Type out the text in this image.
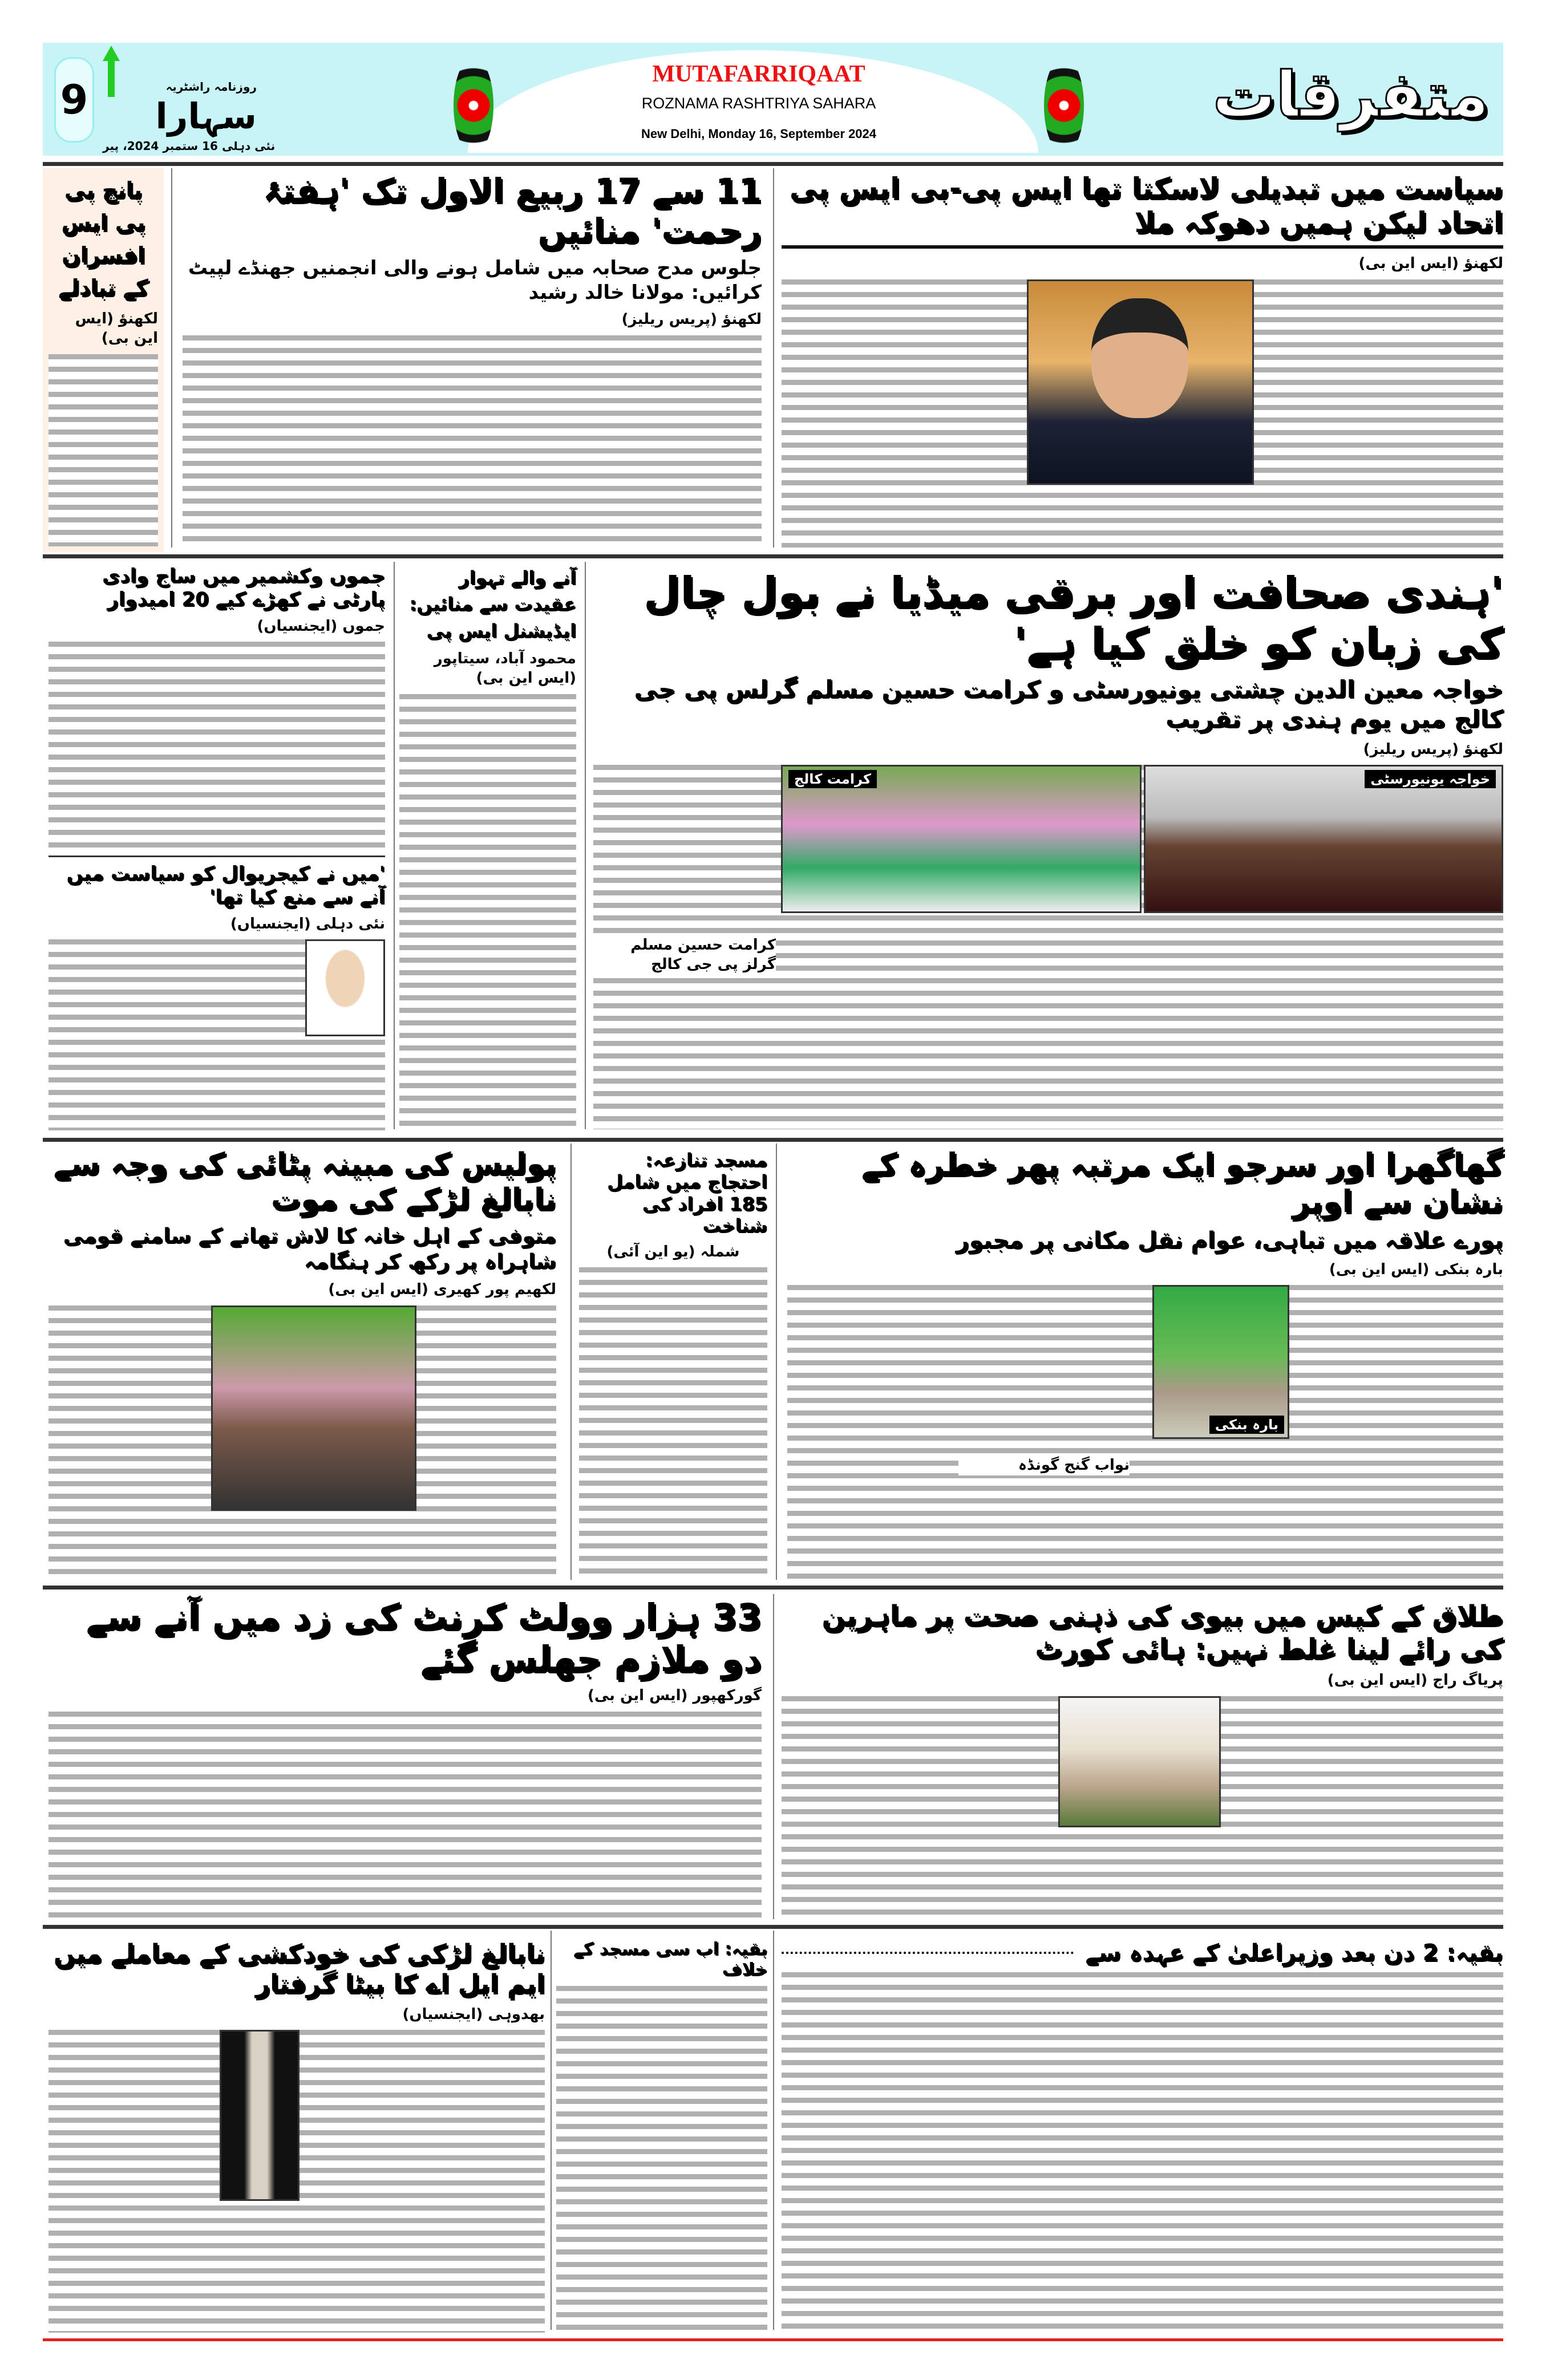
9	روزنامہ راشٹریہ
سہارا
نئی دہلی 16 ستمبر 2024، پیر
MUTAFARRIQAAT
ROZNAMA RASHTRIYA SAHARA
New Delhi, Monday 16, September 2024
متفرقات
پانچ پی پی ایس افسران کے تبادلے
لکھنؤ (ایس این بی)
11 سے 17 ربیع الاول تک 'ہفتۂ رحمت' منائیں
جلوس مدح صحابہ میں شامل ہونے والی انجمنیں جھنڈے لپیٹ کرائیں: مولانا خالد رشید
لکھنؤ (پریس ریلیز)
سیاست میں تبدیلی لاسکتا تھا ایس پی-بی ایس پی اتحاد لیکن ہمیں دھوکہ ملا
لکھنؤ (ایس این بی)
جموں وکشمیر میں ساج وادی پارٹی نے کھڑے کیے 20 امیدوار
جموں (ایجنسیاں)
'میں نے کیجریوال کو سیاست میں آنے سے منع کیا تھا'
نئی دہلی (ایجنسیاں)
آنے والے تہوار عقیدت سے منائیں: ایڈیشنل ایس پی
محمود آباد، سیتاپور (ایس این بی)
'ہندی صحافت اور برقی میڈیا نے بول چال کی زبان کو خلق کیا ہے'
خواجہ معین الدین چشتی یونیورسٹی و کرامت حسین مسلم گرلس پی جی کالج میں یوم ہندی پر تقریب
لکھنؤ (پریس ریلیز)
خواجہ یونیورسٹی
کرامت کالج
کرامت حسین مسلم گرلز پی جی کالج
پولیس کی مبینہ پٹائی کی وجہ سے نابالغ لڑکے کی موت
متوفی کے اہل خانہ کا لاش تھانے کے سامنے قومی شاہراہ پر رکھ کر ہنگامہ
لکھیم پور کھیری (ایس این بی)
مسجد تنازعہ: احتجاج میں شامل 185 افراد کی شناخت
شملہ (یو این آئی)
گھاگھرا اور سرجو ایک مرتبہ پھر خطرہ کے نشان سے اوپر
پورے علاقہ میں تباہی، عوام نقل مکانی پر مجبور
بارہ بنکی (ایس این بی)
بارہ بنکی
نواب گنج گونڈہ
33 ہزار وولٹ کرنٹ کی زد میں آنے سے دو ملازم جھلس گئے
گورکھپور (ایس این بی)
طلاق کے کیس میں بیوی کی ذہنی صحت پر ماہرین کی رائے لینا غلط نہیں: ہائی کورٹ
پریاگ راج (ایس این بی)
نابالغ لڑکی کی خودکشی کے معاملے میں ایم ایل اے کا بیٹا گرفتار
بھدوہی (ایجنسیاں)
بقیہ: اب سی مسجد کے خلاف
بقیہ: 2 دن بعد وزیراعلیٰ کے عہدہ سے
